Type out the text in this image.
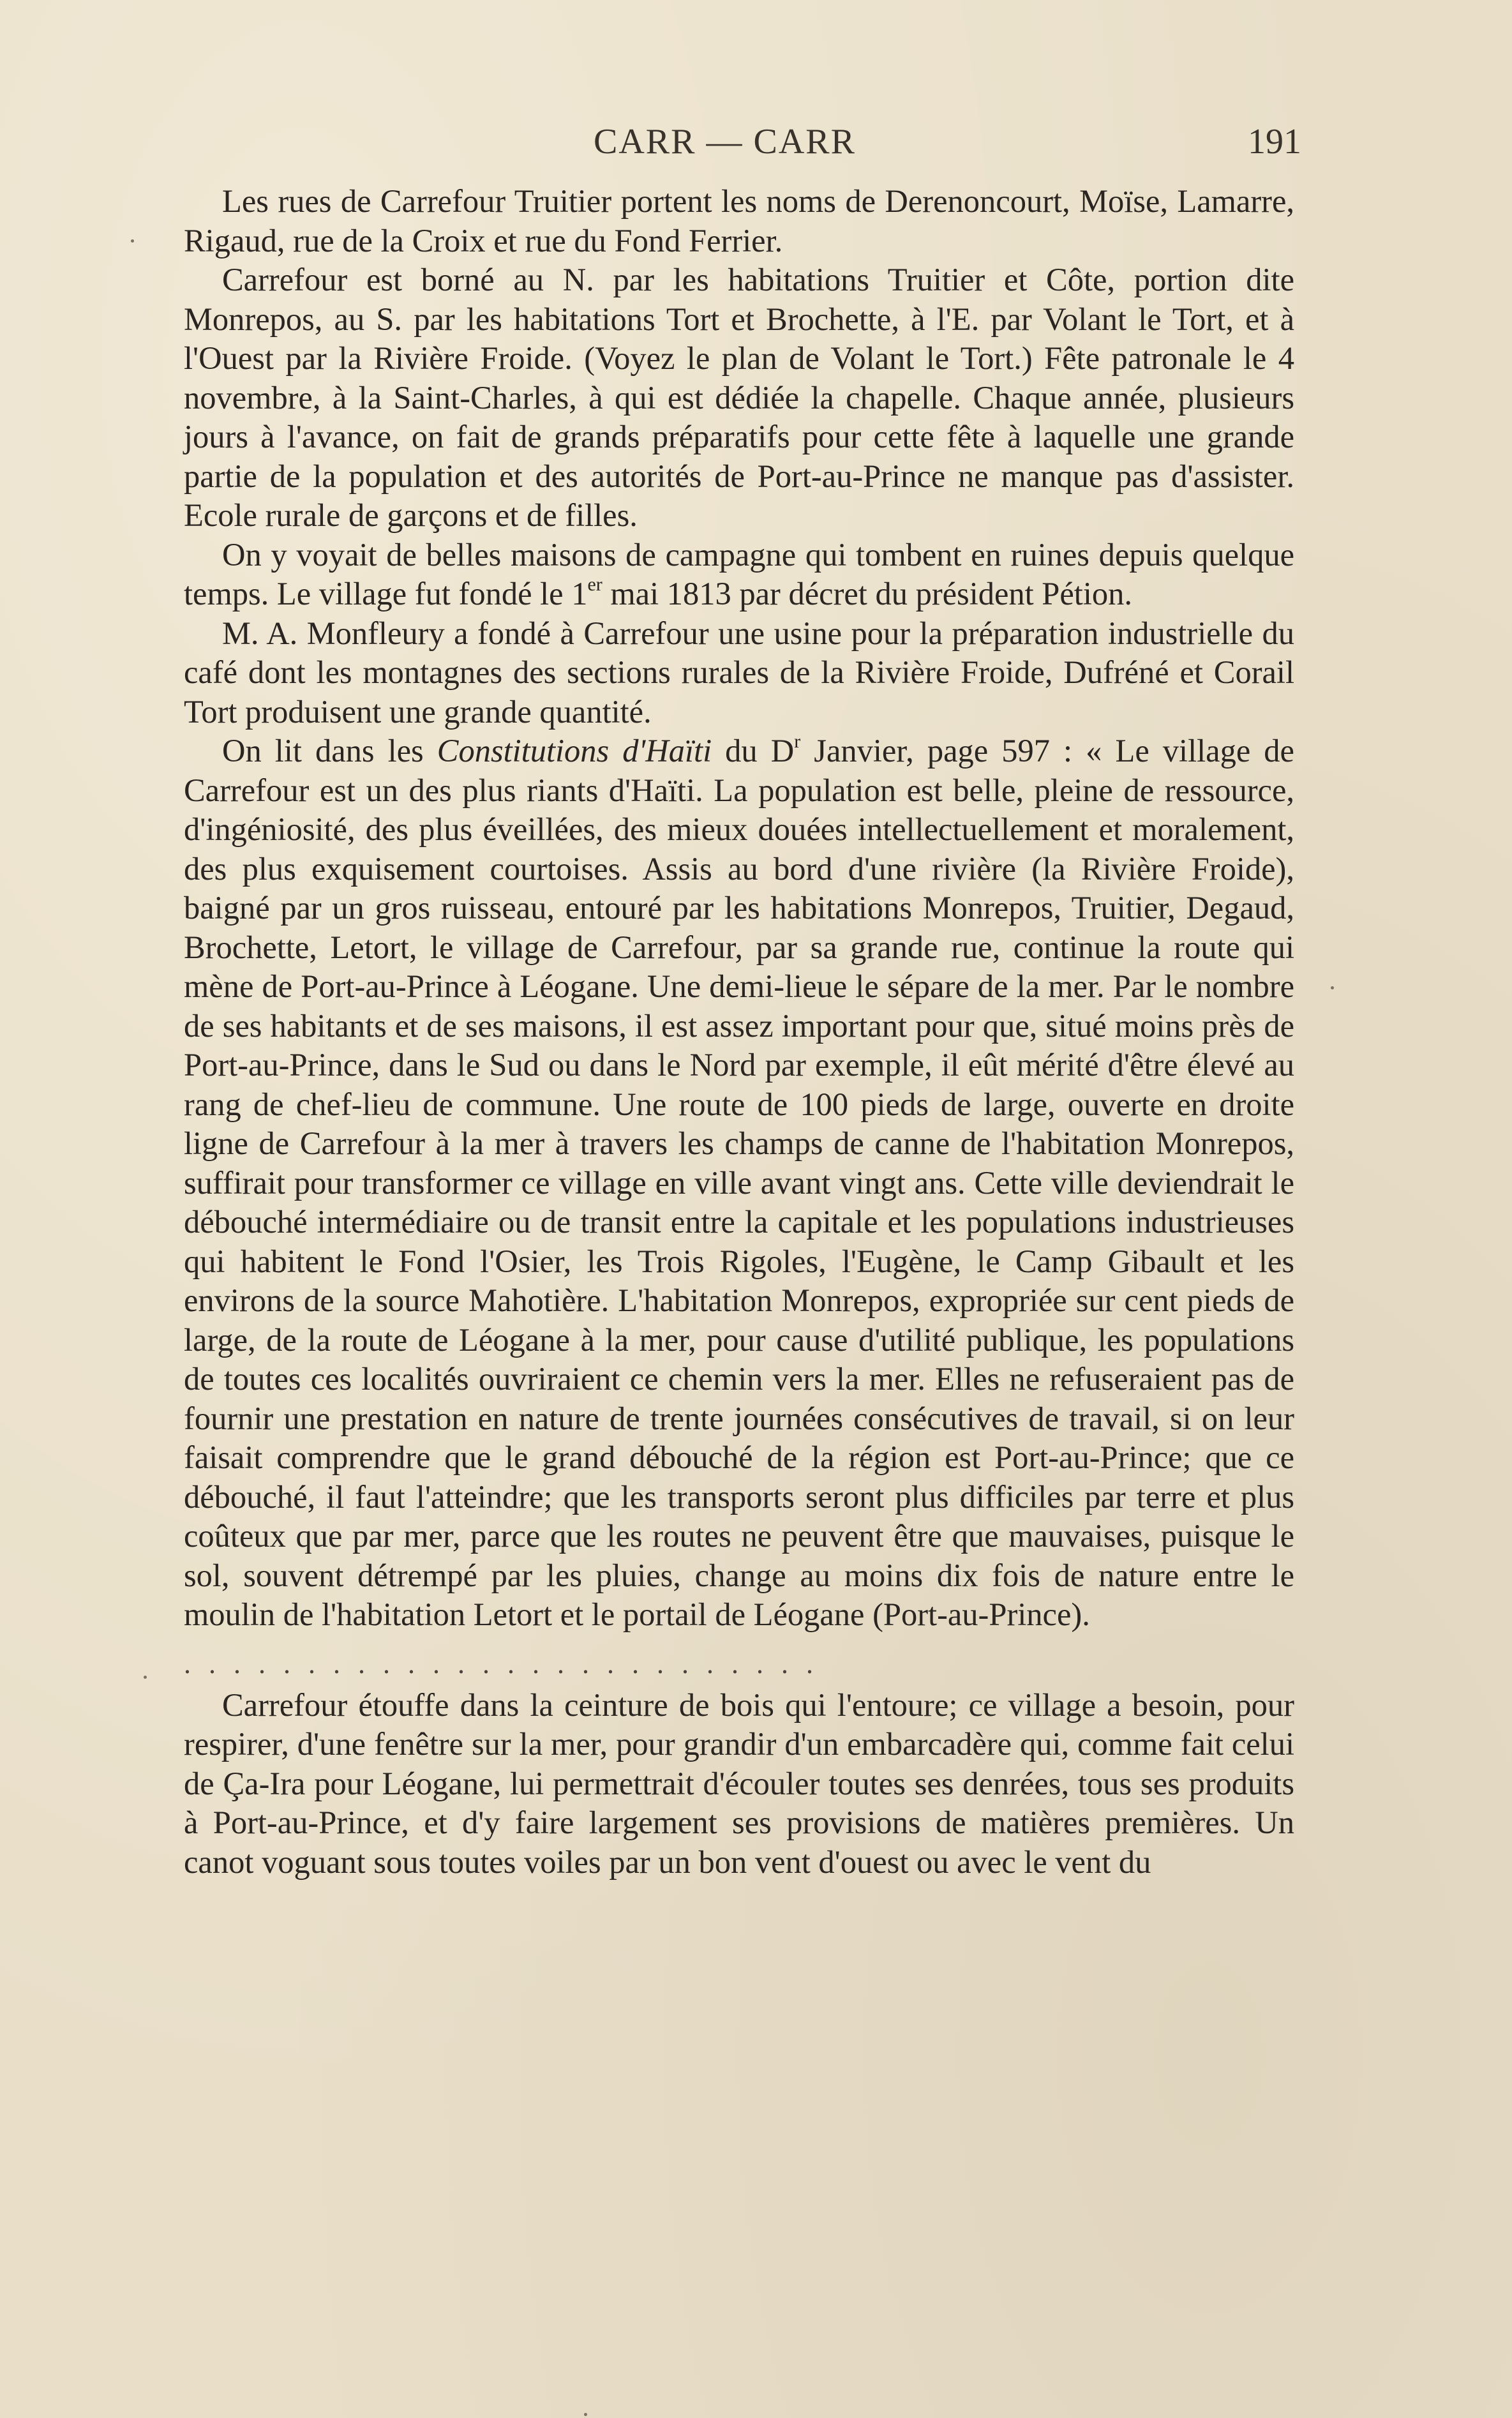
CARR — CARR	191

Les rues de Carrefour Truitier portent les noms de Derenoncourt, Moïse, Lamarre, Rigaud, rue de la Croix et rue du Fond Ferrier.

Carrefour est borné au N. par les habitations Truitier et Côte, portion dite Monrepos, au S. par les habitations Tort et Brochette, à l'E. par Volant le Tort, et à l'Ouest par la Rivière Froide. (Voyez le plan de Volant le Tort.) Fête patronale le 4 novembre, à la Saint-Charles, à qui est dédiée la chapelle. Chaque année, plusieurs jours à l'avance, on fait de grands préparatifs pour cette fête à laquelle une grande partie de la population et des autorités de Port-au-Prince ne manque pas d'assister. Ecole rurale de garçons et de filles.

On y voyait de belles maisons de campagne qui tombent en ruines depuis quelque temps. Le village fut fondé le 1er mai 1813 par décret du président Pétion.

M. A. Monfleury a fondé à Carrefour une usine pour la préparation industrielle du café dont les montagnes des sections rurales de la Rivière Froide, Dufréné et Corail Tort produisent une grande quantité.

On lit dans les Constitutions d'Haïti du $D^r$ Janvier, page 597 : « Le village de Carrefour est un des plus riants d'Haïti. La population est belle, pleine de ressource, d'ingéniosité, des plus éveillées, des mieux douées intellectuellement et moralement, des plus exquisement courtoises. Assis au bord d'une rivière (la Rivière Froide), baigné par un gros ruisseau, entouré par les habitations Monrepos, Truitier, Degaud, Brochette, Letort, le village de Carrefour, par sa grande rue, continue la route qui mène de Port-au-Prince à Léogane. Une demi-lieue le sépare de la mer. Par le nombre de ses habitants et de ses maisons, il est assez important pour que, situé moins près de Port-au-Prince, dans le Sud ou dans le Nord par exemple, il eût mérité d'être élevé au rang de chef-lieu de commune. Une route de 100 pieds de large, ouverte en droite ligne de Carrefour à la mer à travers les champs de canne de l'habitation Monrepos, suffirait pour transformer ce village en ville avant vingt ans. Cette ville deviendrait le débouché intermédiaire ou de transit entre la capitale et les populations industrieuses qui habitent le Fond l'Osier, les Trois Rigoles, l'Eugène, le Camp Gibault et les environs de la source Mahotière. L'habitation Monrepos, expropriée sur cent pieds de large, de la route de Léogane à la mer, pour cause d'utilité publique, les populations de toutes ces localités ouvriraient ce chemin vers la mer. Elles ne refuseraient pas de fournir une prestation en nature de trente journées consécutives de travail, si on leur faisait comprendre que le grand débouché de la région est Port-au-Prince; que ce débouché, il faut l'atteindre; que les transports seront plus difficiles par terre et plus coûteux que par mer, parce que les routes ne peuvent être que mauvaises, puisque le sol, souvent détrempé par les pluies, change au moins dix fois de nature entre le moulin de l'habitation Letort et le portail de Léogane (Port-au-Prince).

..........................

Carrefour étouffe dans la ceinture de bois qui l'entoure; ce village a besoin, pour respirer, d'une fenêtre sur la mer, pour grandir d'un embarcadère qui, comme fait celui de Ça-Ira pour Léogane, lui permettrait d'écouler toutes ses denrées, tous ses produits à Port-au-Prince, et d'y faire largement ses provisions de matières premières. Un canot voguant sous toutes voiles par un bon vent d'ouest ou avec le vent du
